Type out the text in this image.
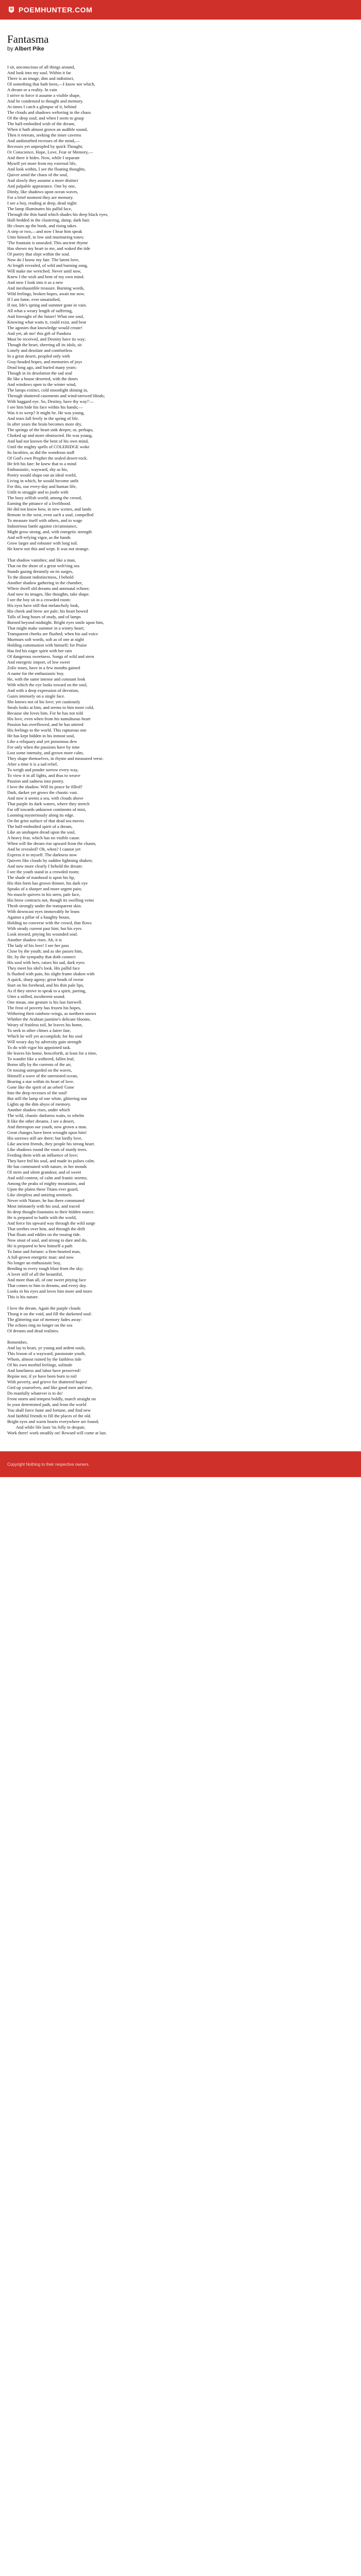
POEMHUNTER.COM
Fantasma
by Albert Pike
I sit, unconscious of all things around,
And look into my soul. Within it far
There is an image, dim and indistinct,
Of something that hath been,—I know not which,
A dream or a reality. In vain
I strive to force it assume a visible shape,
And be condensed to thought and memory.
At times I catch a glimpse of it, behind
The clouds and shadows weltering in the chaos
Of the deep soul; and when I seem to grasp
The half-embodied wish of the dream,
When it hath almost grown an audible sound,
Then it retreats, seeking the inner caverns
And undisturbed recesses of the mind,—
Recesses yet unpeopled by quick Thought,
Or Conscience, Hope, Love, Fear or Memory,—
And there it hides. Now, while I separate
Myself yet more from my external life,
And look within, I see the floating thoughts,
Quiver amid the chaos of the soul,
And slowly they assume a more distinct
And palpable appearance. One by one,
Dimly, like shadows upon ocean waves,
For a brief moment they are memory.
I see a boy, reading at deep, dead night:
The lamp illuminates his pallid face,
Through the thin hand which shades his deep black eyes,
Half-bedded in the clustering, damp, dark hair.
He closes up the book, and rising takes
A step or two,—and now I hear him speak
Unto himself, in low and murmuring tones:
'The fountain is unsealed. This ancient rhyme
Has shown my heart to me, and waked the tide
Of poetry that slept within the soul.
Now do I know my fate. The latent love,
At length revealed, of wild and burning song,
Will make me wretched. Never until now,
Knew I the wish and bent of my own mind.
And now I look into it as a new
And inexhaustible treasure. Burning words,
Wild feelings, broken hopes, await me now.
If I am fame, ever unsatisfied,
If not, life's spring and summer gone in vain.
All what a weary length of suffering,
And foresight of the future! What one soul,
Knowing what waits it, could exist, and bear
The agonies that knowledge would create!
And yet, ah me! this gift of Pandora
Must be received, and Destiny have its way;
Though the heart, sheering all its idols, sit
Lonely and desolate and comfortless
In a great desert, peopled only with
Gray-headed hopes, and memories of joys
Dead long ago, and buried many years:
Though in its desolation the sad soul
Be like a house deserted, with the doors
And windows open to the winter wind,
The lamps extinct, cold moonlight shining in,
Through shattered casements and wind-strewed blinds;
With haggard eye. So, Destiny, have thy way!'—
I see him hide his face within his hands;—
Was it to weep? It might be. He was young,
And tears fall freely in the spring of life.
In after years the brain becomes more dry,
The springs of the heart sink deeper, or, perhaps,
Choked up and more obstructed. He was young,
And had not known the bent of his own mind,
Until the mighty spells of COLERIDGE woke
Its faculties, as did the wondrous staff
Of God's own Prophet the sealed desert-rock.
He felt his fate: he knew that to a mind
Enthusiastic, wayward, shy as his,
Poetry would shape out an ideal world,
Living in which, he would become unfit
For this, our every-day and human life,
Unfit to struggle and to jostle with
The busy selfish world; among the crowd,
Earning the pittance of a livelihood.
He did not know how, in new scenes, and lands
Remote in the west, even such a soul, compelled
To measure itself with others, and to wage
Industrious battle against circumstance,
Might grow strong, and, with energetic strength
And self-relying vigor, as the hands
Grow larger and robuster with long toil.
He knew not this and wept. It was not strange.
That shadow vanishes; and like a man,
That on the shore of a great welt'ring sea
Stands gazing dreamily on its surges,
To the distant indistinctness, I behold
Another shadow gathering in the chamber,
Where dwell old dreams and antenatal echoes:
And now its images, like thoughts, take shape.
I see the boy sit in a crowded room:
His eyes have still that melancholy look,
His cheek and brow are pale; his heart bowed
Talls of long hours of study, and of lamps
Burned beyond midnight. Bright eyes smile upon him,
That might make summer in a wintry heart;
Transparent cheeks are flushed; when his sad voice
Murmurs soft words, soft as of one at night
Holding communion with himself; for Praise
Has fed his eager spirit with her rain
Of dangerous sweetness. Songs of wild and stern
And energetic import, of low sweet
Zolic tones, have in a few months gained
A name for the enthusiastic boy.
He, with the same intense and constant look
With which the eye looks toward on the soul,
And with a deep expression of devotion,
Gazes intensely on a single face.
She knows not of his love; yet cautiously
Steals looks at him, and seems to him more cold,
Because she loves him. For he has not told
His love, even when from his tumultuous heart
Passion has overflowed, and he has uttered
His feelings to the world. This rapturous one
He has kept hidden in his inmost soul,
Like a reliquary and yet poisonous dew
For only when the passions have by time
Lost some intensity, and grown more calm,
They shape themselves, in rhyme and measured verse.
After a time it is a sad relief,
To weigh and ponder sorrow every way,
To view it in all lights, and thus to weave
Passion and sadness into poetry.
I love the shadow. Will its peace be filled?
Dark, darker yet grows the chaotic vast.
And now it seems a sea, with clouds above
That purple its dark waters, where they stretch
Far off towards unknown continents of mist,
Looming mysteriously along its edge.
On the grim surface of that dead sea moves
The half-embodied spirit of a dream,
Like an unshapen dread upon the soul,
A heavy fear, which has no visible cause.
When will the dream rise upward from the chasm,
And be revealed? Oh, when? I cannot yet
Express it to myself. The darkness now
Quivers like clouds by sudden lightning shaken;
And now more clearly I behold the dream:
I see the youth stand in a crowded room;
The shade of manhood is upon his lip,
His thin form has grown thinner, his dark eye
Speaks of a sharper and more urgent pain;
No muscle quivers in his stern, pale face,
His brow contracts not, though its swelling veins
Throb strongly under the transparent skin.
With downcast eyes immovably he leans
Against a pillar of a haughty house,
Holding no converse with the crowd, that flows
With steady current past him; but his eyes
Look inward, pitying his wounded soul.
Another shadow rises. Ah, it is
The lady of his love! I see her pass
Close by the youth; and as she passes him,
He, by the sympathy that doth connect
His soul with hers, raises his sad, dark eyes:
They meet his idol's look. His pallid face
Is flushed with pain, his slight frame shaken with
A quick, sharp agony; great beads of sweat
Start on his forehead, and his thin pale lips,
As if they strove to speak to a spirit, parting,
Utter a stifled, incoherent sound.
One moan, one gesture is his last farewell.
The frost of poverty has frozen his hopes,
Withering their rainbow-wings, as northern snows
Whither the Arabian jasmine's delicate blooms.
Weary of fruitless toil, he leaves his home,
To seek in other climes a fairer fate,
Which he will yet accomplish; for his soul
Will weary day by adversity gain strength
To do with vigor his appointed task.
He leaves his home, henceforth, at least for a time,
To wander like a withered, fallen leaf,
Borne idly by the currents of the air,
Or tossing unregarded on the waves,
Himself a wave of the unresisted ocean,
Bearing a star within its heart of love.
Gone like the spirit of an orbed 'Gone
Into the deep recesses of the soul!
But still the lamp of one white, glittering star
Lights up the dim abyss of memory.
Another shadow rises, under which
The wild, chaotic darkness waits, to whelm
It like the other dreams. I see a desert,
And thereupon our youth, now grown a man.
Great changes have been wrought upon him!
His sorrows still are there; but lordly love,
Like ancient friends, they people his strong heart.
Like shadows round the roots of sturdy trees.
Feeding them with an influence of love;
They have fed his soul, and made its pulses calm.
He has communed with nature, in her moods
Of stern and silent grandeur, and of sweet
And sold content, of calm and frantic storms;
Among the peaks of mighty mountains, and
Upon the plains these Titans ever guard,
Like sleepless and untiring sentinels.
Never with Nature, he has there communed
Most intimately with his soul, and traced
Its deep thought-fountains to their hidden source.
He is prepared to battle with the world,
And force his upward way through the wild surge
That seethes over him, and through the drift
That floats and eddies on the tossing tide.
Now stout of soul, and strong to dare and do,
He is prepared to hew himself a path
To fame and fortune: a firm-hearted man,
A full-grown energetic man: and now
No longer an enthusiastic boy,
Bending to every rough blast from the sky;
A lover still of all the beautiful,
And more than all, of one sweet pitying face
That comes to him in dreams, and every day.
Looks in his eyes and loves him more and more.
This is his nature.
I love the dream. Again the purple clouds
Thong it on the void, and fill the darkened soul:
The glittering star of memory fades away:
The echoes ring no longer on the sea
Of dreams and dead realities.
Remember,
And lay to heart, ye young and ardent souls,
This lesson of a wayward, passionate youth,
Whom, almost ruined by the faithless tide
Of his own morbid feelings, solitude
And loneliness and labor have preserved!
Repine not, if ye have been born to toil
With poverty, and grieve for shattered hopes!
Gird up yourselves, and like good men and true,
Do manfully whatever is to do!
Front storm and tempest boldly, march straight on
In your determined path, and from the world
You shall force fame and fortune, and find new
And faithful friends to fill the places of the old.
Bright eyes and warm hearts everywhere are found;
And while life lasts 'tis folly to despair,
Work there! work steadily on! Reward will come at last.
Copyright Nothing to their respective owners.
